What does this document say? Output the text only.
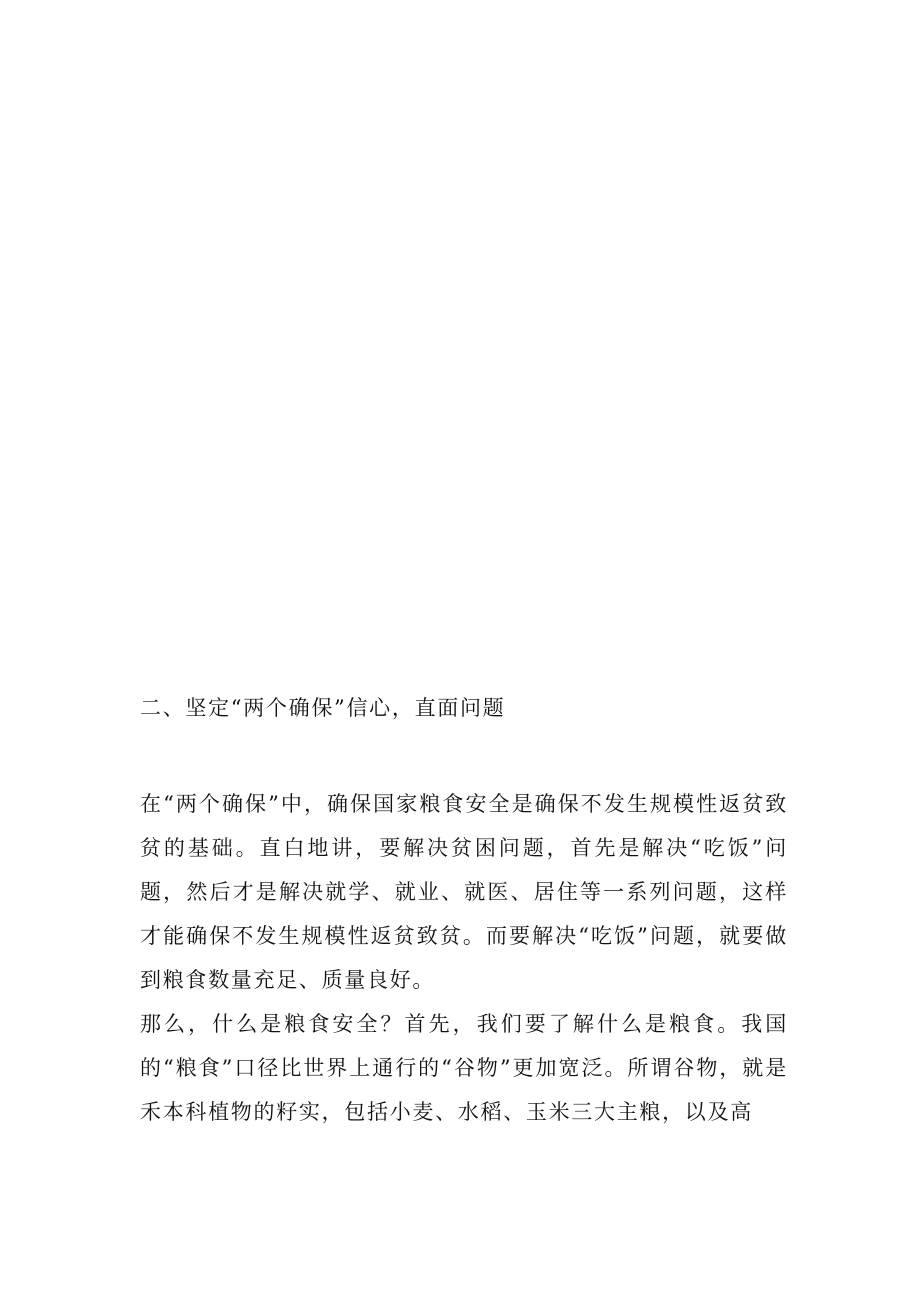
二、坚定“两个确保”信心，直面问题

在“两个确保”中，确保国家粮食安全是确保不发生规模性返贫致贫的基础。直白地讲，要解决贫困问题，首先是解决“吃饭”问题，然后才是解决就学、就业、就医、居住等一系列问题，这样才能确保不发生规模性返贫致贫。而要解决“吃饭”问题，就要做到粮食数量充足、质量良好。

那么，什么是粮食安全？首先，我们要了解什么是粮食。我国的“粮食”口径比世界上通行的“谷物”更加宽泛。所谓谷物，就是禾本科植物的籽实，包括小麦、水稻、玉米三大主粮，以及高
